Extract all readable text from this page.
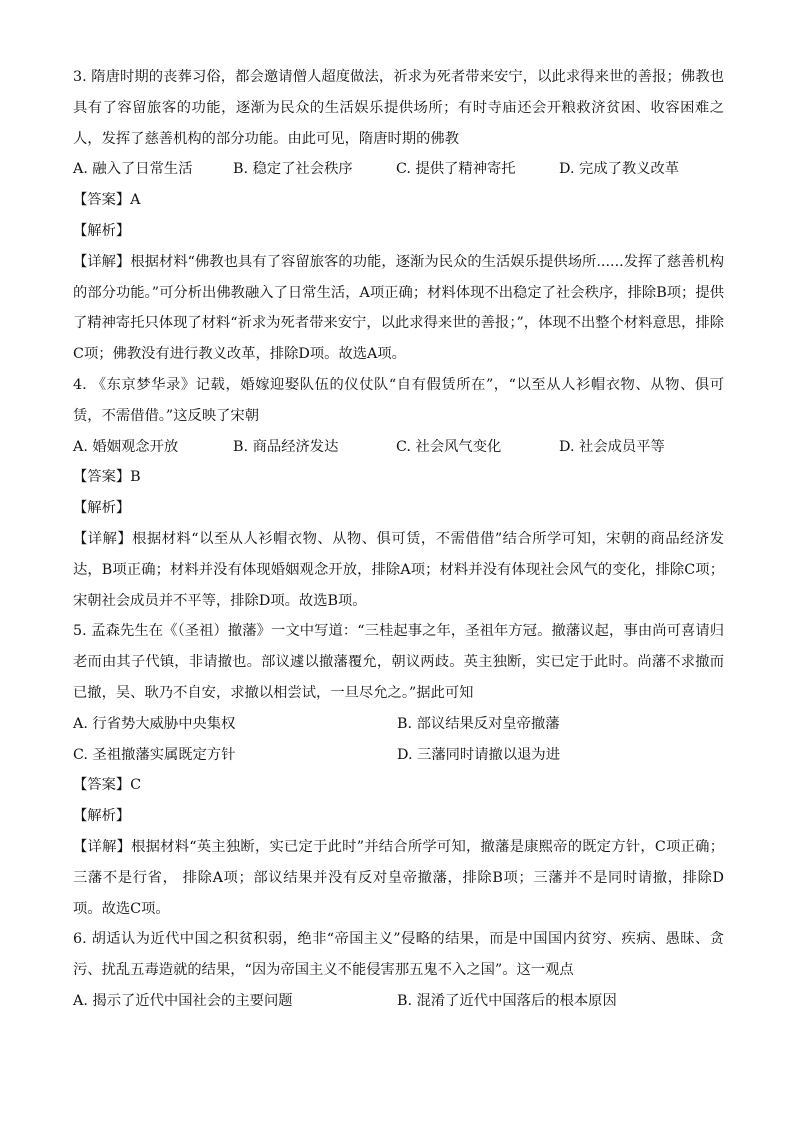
3. 隋唐时期的丧葬习俗，都会邀请僧人超度做法，祈求为死者带来安宁，以此求得来世的善报；佛教也具有了容留旅客的功能，逐渐为民众的生活娱乐提供场所；有时寺庙还会开粮救济贫困、收容困难之人，发挥了慈善机构的部分功能。由此可见，隋唐时期的佛教

A. 融入了日常生活	B. 稳定了社会秩序	C. 提供了精神寄托	D. 完成了教义改革

【答案】A

【解析】

【详解】根据材料“佛教也具有了容留旅客的功能，逐渐为民众的生活娱乐提供场所......发挥了慈善机构的部分功能。”可分析出佛教融入了日常生活，A项正确；材料体现不出稳定了社会秩序，排除B项；提供了精神寄托只体现了材料“祈求为死者带来安宁，以此求得来世的善报；”，体现不出整个材料意思，排除C项；佛教没有进行教义改革，排除D项。故选A项。

4. 《东京梦华录》记载，婚嫁迎娶队伍的仪仗队“自有假赁所在”，“以至从人衫帽衣物、从物、俱可赁，不需借借。”这反映了宋朝

A. 婚姻观念开放	B. 商品经济发达	C. 社会风气变化	D. 社会成员平等

【答案】B

【解析】

【详解】根据材料“以至从人衫帽衣物、从物、俱可赁，不需借借”结合所学可知，宋朝的商品经济发达，B项正确；材料并没有体现婚姻观念开放，排除A项；材料并没有体现社会风气的变化，排除C项；宋朝社会成员并不平等，排除D项。故选B项。

5. 孟森先生在《（圣祖）撤藩》一文中写道：“三桂起事之年，圣祖年方冠。撤藩议起，事由尚可喜请归老而由其子代镇，非请撤也。部议遽以撤藩覆允，朝议两歧。英主独断，实已定于此时。尚藩不求撤而已撤，吴、耿乃不自安，求撤以相尝试，一旦尽允之。”据此可知

A. 行省势大威胁中央集权	B. 部议结果反对皇帝撤藩
C. 圣祖撤藩实属既定方针	D. 三藩同时请撤以退为进

【答案】C

【解析】

【详解】根据材料“英主独断，实已定于此时”并结合所学可知，撤藩是康熙帝的既定方针，C项正确；三藩不是行省， 排除A项；部议结果并没有反对皇帝撤藩，排除B项；三藩并不是同时请撤，排除D项。故选C项。

6. 胡适认为近代中国之积贫积弱，绝非“帝国主义”侵略的结果，而是中国国内贫穷、疾病、愚昧、贪污、扰乱五毒造就的结果，“因为帝国主义不能侵害那五鬼不入之国”。这一观点

A. 揭示了近代中国社会的主要问题	B. 混淆了近代中国落后的根本原因
